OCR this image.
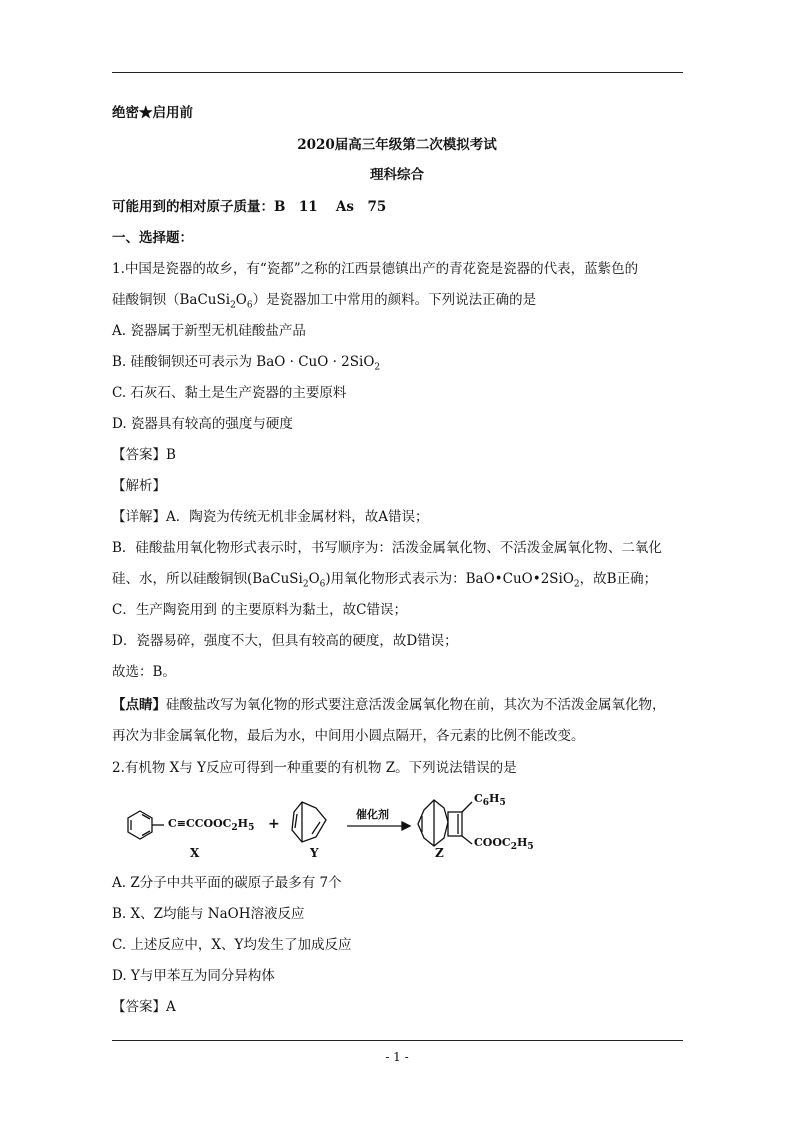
绝密★启用前
2020届高三年级第二次模拟考试
理科综合
可能用到的相对原子质量：B　11　 As　75
一、选择题：
1.中国是瓷器的故乡，有“瓷都”之称的江西景德镇出产的青花瓷是瓷器的代表，蓝紫色的
硅酸铜钡$(BaCuSi_2O_6)$是瓷器加工中常用的颜料。下列说法正确的是
A. 瓷器属于新型无机硅酸盐产品
B. 硅酸铜钡还可表示为 BaO · CuO · 2SiO$_2$
C. 石灰石、黏土是生产瓷器的主要原料
D. 瓷器具有较高的强度与硬度
【答案】B
【解析】
【详解】A．陶瓷为传统无机非金属材料，故A错误；
B．硅酸盐用氧化物形式表示时，书写顺序为：活泼金属氧化物、不活泼金属氧化物、二氧化
硅、水，所以硅酸铜钡$(BaCuSi_2O_6)$用氧化物形式表示为：BaO•CuO•2SiO$_2$，故B正确；
C．生产陶瓷用到 的主要原料为黏土，故C错误；
D．瓷器易碎，强度不大，但具有较高的硬度，故D错误；
故选：B。
【点睛】硅酸盐改写为氧化物的形式要注意活泼金属氧化物在前，其次为不活泼金属氧化物，
再次为非金属氧化物，最后为水，中间用小圆点隔开，各元素的比例不能改变。
2.有机物 X与 Y反应可得到一种重要的有机物 Z。下列说法错误的是
$C\equiv CCOOC_2H_5$
X
+
Y
催化剂
Z
$C_6H_5$
$COOC_2H_5$
A. Z分子中共平面的碳原子最多有 7个
B. X、Z均能与 NaOH溶液反应
C. 上述反应中，X、Y均发生了加成反应
D. Y与甲苯互为同分异构体
【答案】A
- 1 -
